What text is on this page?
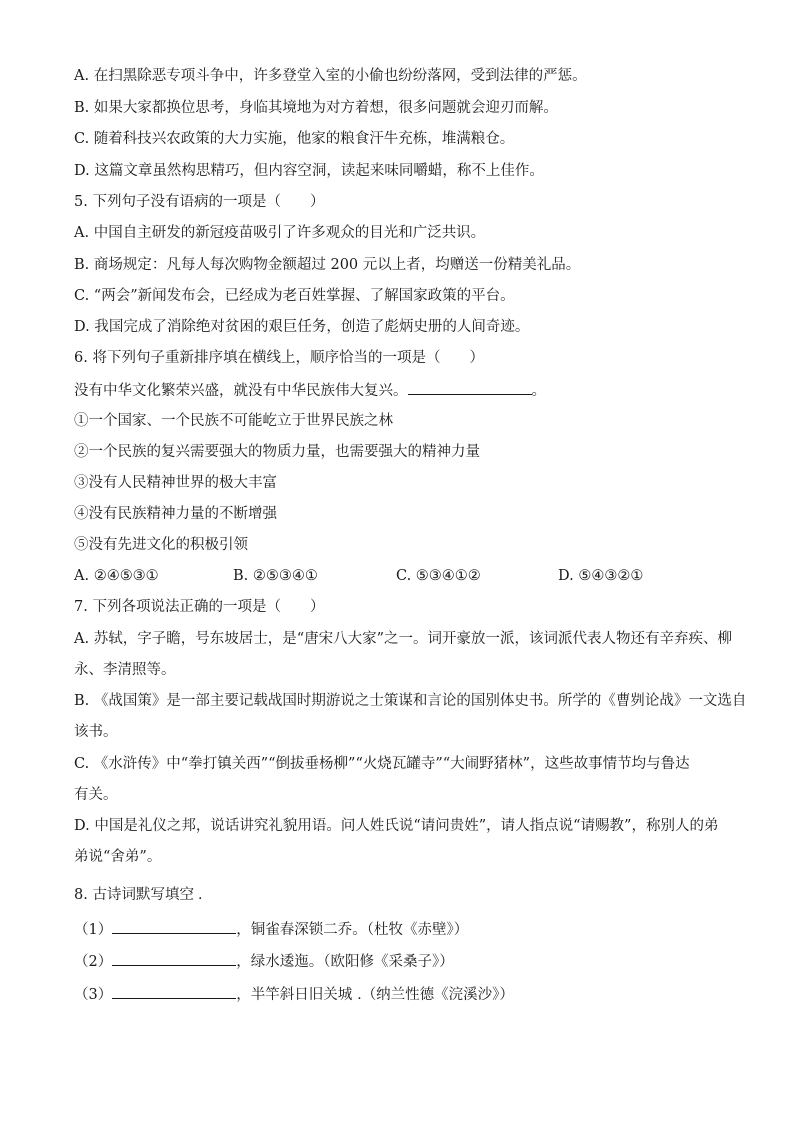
A. 在扫黑除恶专项斗争中，许多登堂入室的小偷也纷纷落网，受到法律的严惩。
B. 如果大家都换位思考，身临其境地为对方着想，很多问题就会迎刃而解。
C. 随着科技兴农政策的大力实施，他家的粮食汗牛充栋，堆满粮仓。
D. 这篇文章虽然构思精巧，但内容空洞，读起来味同嚼蜡，称不上佳作。
5. 下列句子没有语病的一项是（　　）
A. 中国自主研发的新冠疫苗吸引了许多观众的目光和广泛共识。
B. 商场规定：凡每人每次购物金额超过 200 元以上者，均赠送一份精美礼品。
C. “两会”新闻发布会，已经成为老百姓掌握、了解国家政策的平台。
D. 我国完成了消除绝对贫困的艰巨任务，创造了彪炳史册的人间奇迹。
6. 将下列句子重新排序填在横线上，顺序恰当的一项是（　　）
没有中华文化繁荣兴盛，就没有中华民族伟大复兴。	。
①一个国家、一个民族不可能屹立于世界民族之林
②一个民族的复兴需要强大的物质力量，也需要强大的精神力量
③没有人民精神世界的极大丰富
④没有民族精神力量的不断增强
⑤没有先进文化的积极引领
A. ②④⑤③①	B. ②⑤③④①	C. ⑤③④①②	D. ⑤④③②①
7. 下列各项说法正确的一项是（　　）
A. 苏轼，字子瞻，号东坡居士，是“唐宋八大家”之一。词开豪放一派，该词派代表人物还有辛弃疾、柳
永、李清照等。
B. 《战国策》是一部主要记载战国时期游说之士策谋和言论的国别体史书。所学的《曹刿论战》一文选自
该书。
C. 《水浒传》中“拳打镇关西”“倒拔垂杨柳”“火烧瓦罐寺”“大闹野猪林”，这些故事情节均与鲁达
有关。
D. 中国是礼仪之邦，说话讲究礼貌用语。问人姓氏说“请问贵姓”，请人指点说“请赐教”，称别人的弟
弟说“舍弟”。
8. 古诗词默写填空 .
（1）	，铜雀春深锁二乔。（杜牧《赤壁》）
（2）	，绿水逶迤。（欧阳修《采桑子》）
（3）	，半竿斜日旧关城 .（纳兰性德《浣溪沙》）
